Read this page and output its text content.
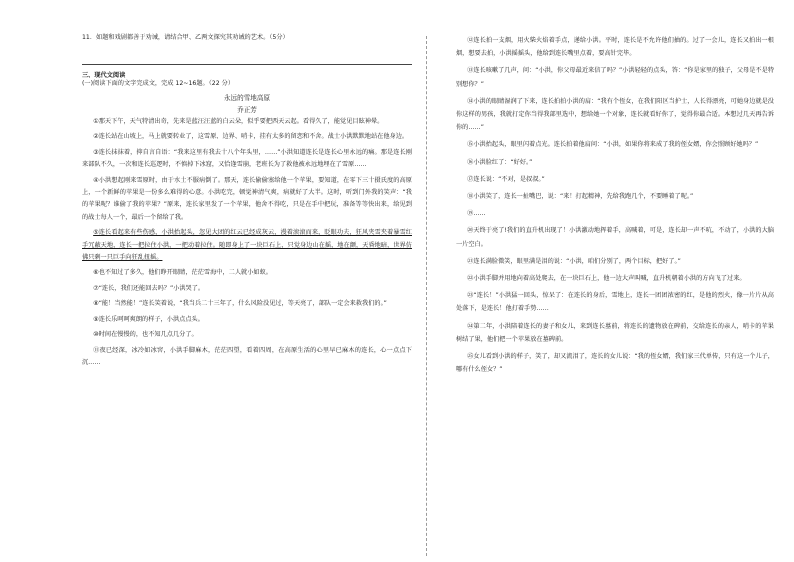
11．如题和戏剧都善于劝诫，请结合甲、乙两文探究其劝诫的艺术。（5分）
三、现代文阅读
(一)阅读下面的文字完成文，完成 12~16题。（22 分）
永远的雪地高原
乔正芳

①那天下午，天气特清出奇，先来是蓝汪汪蓝的白云朵，似乎要把西天云起。看得久了，能觉见目眩神晕。

②连长站在山坡上，马上就要转业了，这雪原、边界、哨卡，挂有太多的留恋和不舍。战士小洪默默地站在他身边。

③连长抹抹着，抑自言自语：“我来这里有我去十八个年头里，……”小洪知道连长是连长心里永远的痛。那是连长刚来部队不久，一次和连长巡逻时，不慎掉下冰窟，又恰逢雪崩，老班长为了救他被永远地埋在了雪原……

④小洪想起刚来雪原时，由于水土不服病倒了。那天，连长偷偷塞给他一个苹果，要知道，在零下三十摄氏度的高原上，一个新鲜的苹果是一份多么难得的心意。小洪吃完，顿觉神清气爽，病就好了大半。这时，听到门外我的笑声：“我的苹果呢？谁偷了我的苹果？”原来，连长家里发了一个苹果，他舍不得吃，只是在手中把玩，准备等等快出来，给见到的战士每人一个，最后一个留给了我。

⑤连长看起来有些伤感，小洪抬起头，忽见大团的红云已经成灰云，漫着滚滚而来，眨眼功夫，狂风夹雪夹着暴雪红手冗蔽天地，连长一把拉住小洪，一把动着拉住。随即身上了一块巨石上，只觉身边山在摇，地在颤，天昏地暗，世界仿佛只剩一只巨手向狂乱扭摇。

⑥也不知过了多久，他们睁开眼睛，茫茫雪海中，二人就小如蚁。

⑦“连长，我们还能回去吗？”小洪哭了。

⑧“能！当然能！”连长笑着说，“我当兵二十三年了，什么风险没见过，等天亮了，部队一定会来救我们的。”

⑨连长乐呵呵爽朗的样子，小洪点点头。

⑩时间在慢慢的，也不知几点几分了。

⑪夜已经深，冰冷如冰窖，小洪手脚麻木，茫茫四望，看着四周，在高原生活的心里早已麻木的连长，心一点点下沉……

⑫连长拍一支烟，用火柴火焰着手点，递给小洪。平时，连长是不允许他们抽的。过了一会儿，连长又拍出一根烟，想要去拍，小洪摇摇头，他给到连长嘴里点着，要高针完毕。

⑬连长咳嗽了几声，问：“小洪，你父母最近来信了吗？”小洪轻轻的点头，答：“你是家里的独子，父母是不是特别想你？”

⑭小洪的眼睛湿润了下来，连长拍拍小洪的肩：“我有个侄女，在我们阳区当护士，人长得漂亮，可她身边就是没你这样的男孩，我就打定你当得我部里选中，想给她一个对象，连长就看好你了，觉得你最合适。本想过几天再告诉你的……”

⑮小洪抬起头，眼里闪着点光。连长拍着他肩问：“小洪，如果你将来成了我的侄女婿，你会照顾好她吗？”

⑯小洪脸红了：“好好。”

⑰连长说：“不对，是叔叔。”

⑱小洪笑了，连长一扯嘴巴，说：“来！打起精神，先给我跑几个，不要睡着了呢。”

⑲……

⑳天终于亮了!我们的直升机出现了！小洪激动地挥着手，高喊着，可是，连长却一声不吭，不动了，小洪的大脑一片空白。

㉑连长满脸微笑，眼里满是泪的说：“小洪，咱们分别了，两个目标，把好了。”

㉒小洪手脚并用地向着高处爬去，在一块巨石上，他一边大声叫喊，直升机朝着小洪的方向飞了过来。

㉓“连长！”小洪猛一回头，惊呆了：在连长的身后，雪地上，连长一团团浓密的红，是他的烈火，像一片片从高处落下，是连长！他打着手势……

㉔第二年，小洪陪着连长的妻子和女儿，来到连长墓前，将连长的遗物放在碑前，交给连长的亲人，哨卡的苹果树结了果，他们把一个苹果放在墓碑前。

㉕女儿看到小洪的样子，笑了，却又流泪了，连长的女儿说：“我的侄女婿，我们家三代单传，只有这一个儿子，哪有什么侄女？”
